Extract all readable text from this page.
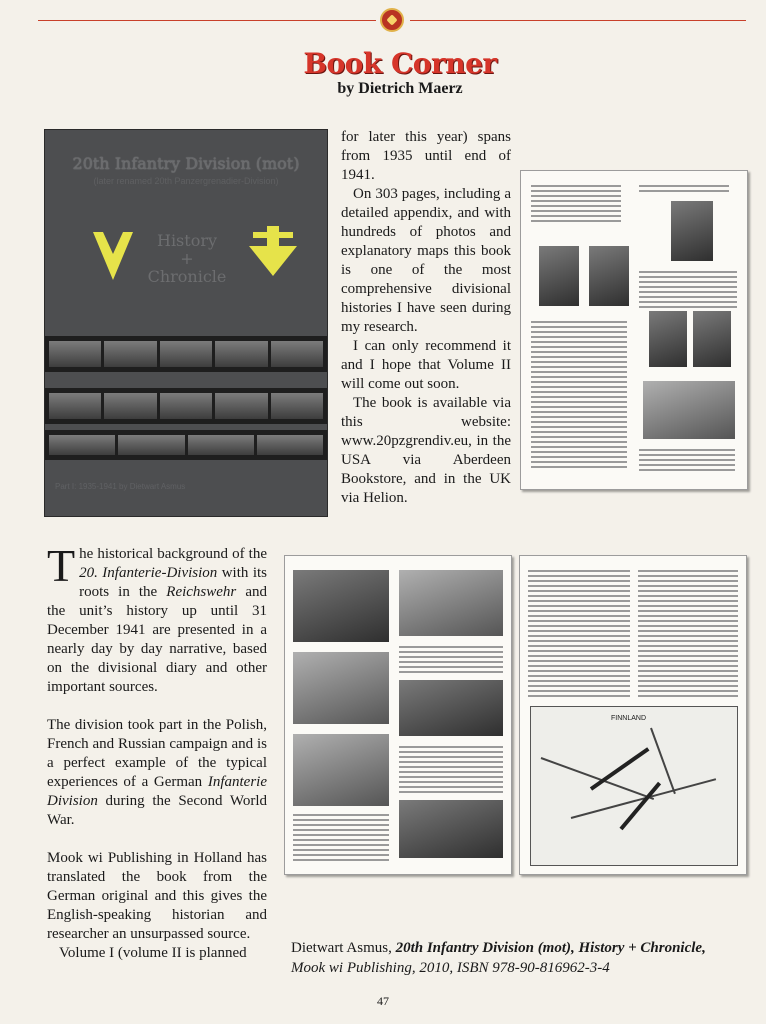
Book Corner
by Dietrich Maerz
20th Infantry Division (mot)
(later renamed 20th Panzergrenadier-Division)
History
+
Chronicle
Part I: 1935-1941 by Dietwart Asmus

for later this year) spans from 1935 until end of 1941.

On 303 pages, including a detailed appendix, and with hundreds of photos and explanatory maps this book is one of the most comprehensive divisional histories I have seen during my research.

I can only recommend it and I hope that Volume II will come out soon.

The book is available via this website: www.20pzgrendiv.eu, in the USA via Aberdeen Bookstore, and in the UK via Helion.

FINNLAND

The historical background of the 20. Infanterie-Division with its roots in the Reichswehr and the unit’s history up until 31 December 1941 are presented in a nearly day by day narrative, based on the divisional diary and other important sources.

The division took part in the Polish, French and Russian campaign and is a perfect example of the typical experiences of a German Infanterie Division during the Second World War.

Mook wi Publishing in Holland has translated the book from the German original and this gives the English-speaking historian and researcher an unsurpassed source.

Volume I (volume II is planned	Dietwart Asmus, 20th Infantry Division (mot), History + Chronicle,
Mook wi Publishing, 2010, ISBN 978-90-816962-3-4
47
